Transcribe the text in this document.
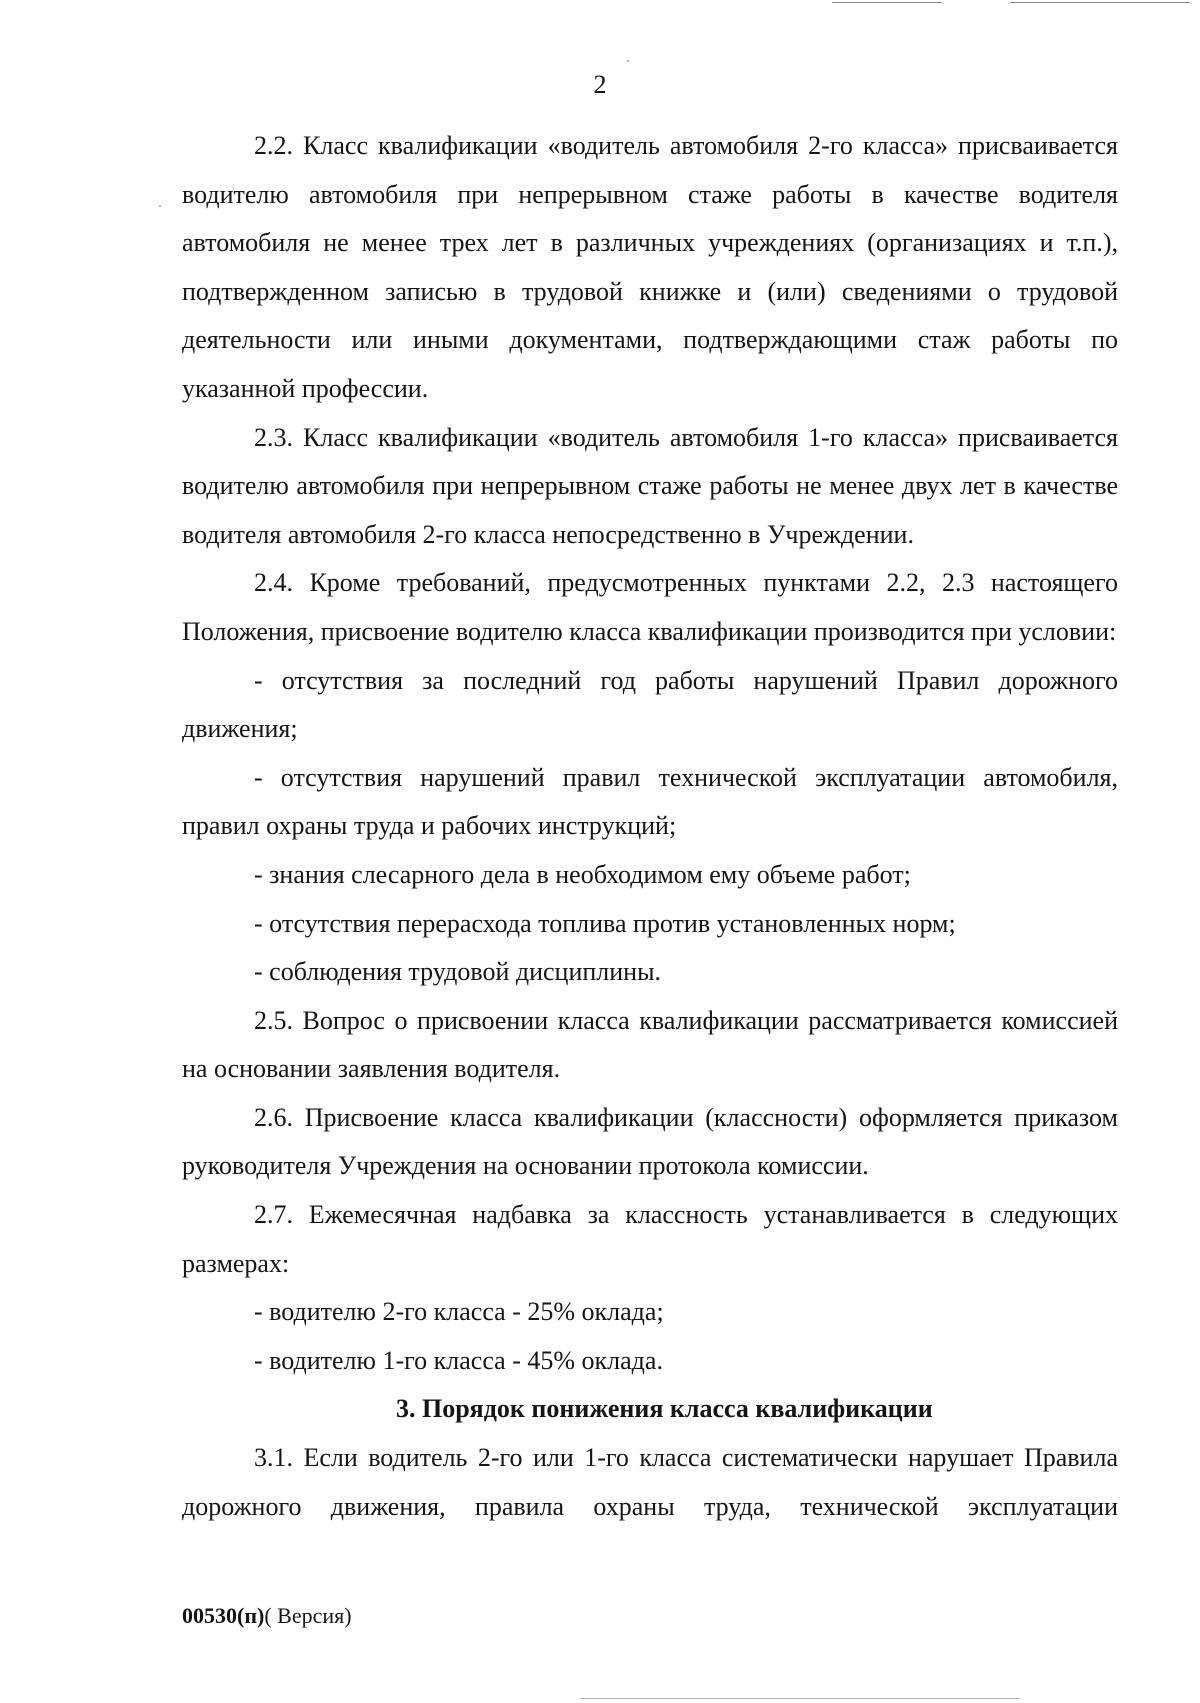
2

2.2. Класс квалификации «водитель автомобиля 2-го класса» присваивается водителю автомобиля при непрерывном стаже работы в качестве водителя автомобиля не менее трех лет в различных учреждениях (организациях и т.п.), подтвержденном записью в трудовой книжке и (или) сведениями о трудовой деятельности или иными документами, подтверждающими стаж работы по указанной профессии.

2.3. Класс квалификации «водитель автомобиля 1-го класса» присваивается водителю автомобиля при непрерывном стаже работы не менее двух лет в качестве водителя автомобиля 2-го класса непосредственно в Учреждении.

2.4. Кроме требований, предусмотренных пунктами 2.2, 2.3 настоящего Положения, присвоение водителю класса квалификации производится при условии:

- отсутствия за последний год работы нарушений Правил дорожного движения;

- отсутствия нарушений правил технической эксплуатации автомобиля, правил охраны труда и рабочих инструкций;

- знания слесарного дела в необходимом ему объеме работ;

- отсутствия перерасхода топлива против установленных норм;

- соблюдения трудовой дисциплины.

2.5. Вопрос о присвоении класса квалификации рассматривается комиссией на основании заявления водителя.

2.6. Присвоение класса квалификации (классности) оформляется приказом руководителя Учреждения на основании протокола комиссии.

2.7. Ежемесячная надбавка за классность устанавливается в следующих размерах:

- водителю 2-го класса - 25% оклада;

- водителю 1-го класса - 45% оклада.

3. Порядок понижения класса квалификации

3.1. Если водитель 2-го или 1-го класса систематически нарушает Правила дорожного движения, правила охраны труда, технической эксплуатации

00530(п)( Версия)
